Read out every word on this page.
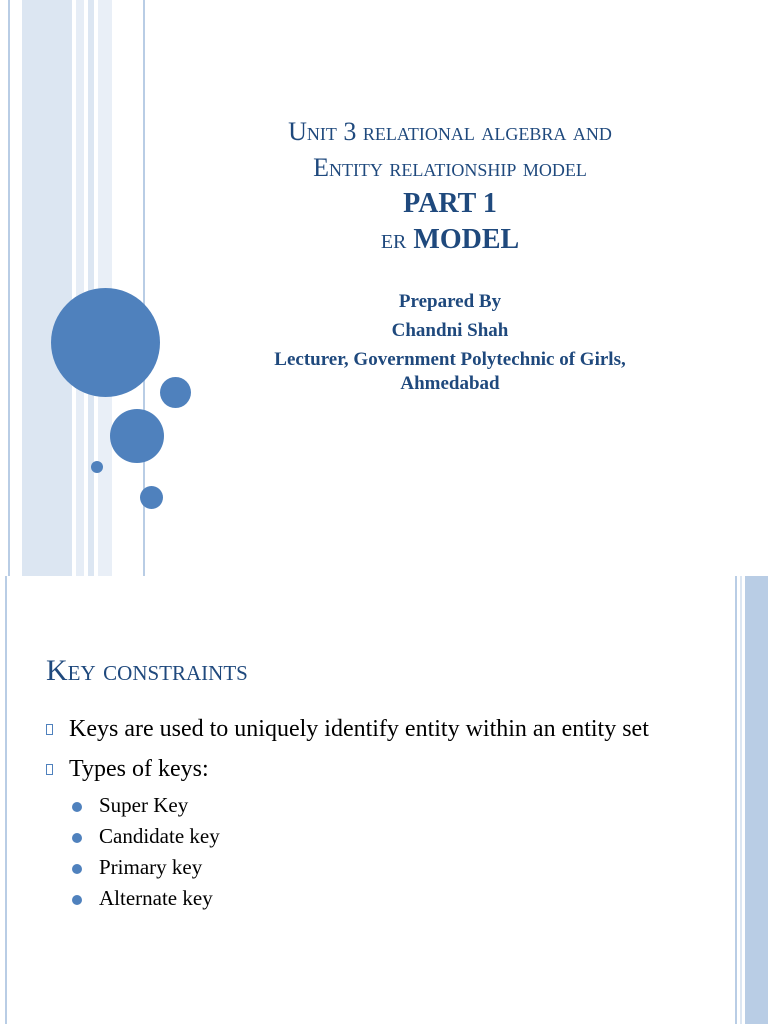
Unit 3 relational algebra and
Entity relationship model
PART 1
er MODEL
Prepared By
Chandni Shah
Lecturer, Government Polytechnic of Girls,
Ahmedabad
Key constraints
Keys are used to uniquely identify entity within an entity set
Types of keys:
Super Key
Candidate key
Primary key
Alternate key
